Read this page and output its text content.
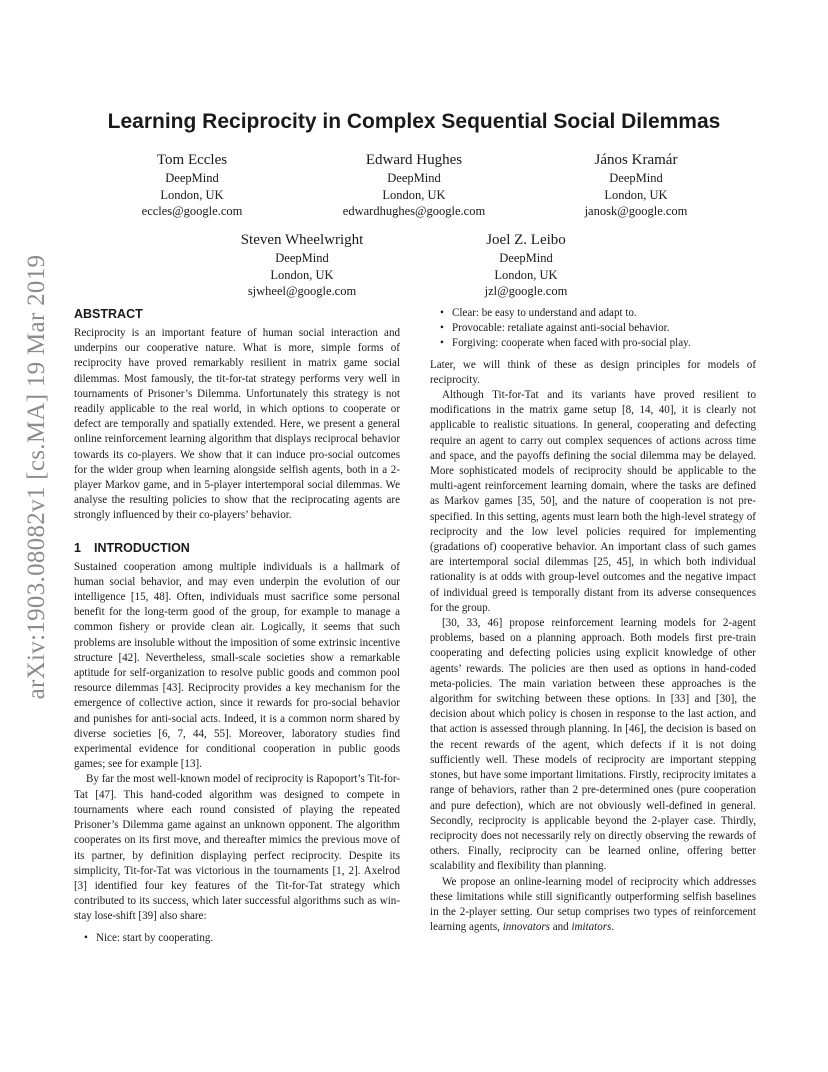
arXiv:1903.08082v1 [cs.MA] 19 Mar 2019
Learning Reciprocity in Complex Sequential Social Dilemmas
Tom Eccles
DeepMind
London, UK
eccles@google.com
Edward Hughes
DeepMind
London, UK
edwardhughes@google.com
János Kramár
DeepMind
London, UK
janosk@google.com
Steven Wheelwright
DeepMind
London, UK
sjwheel@google.com
Joel Z. Leibo
DeepMind
London, UK
jzl@google.com
ABSTRACT

Reciprocity is an important feature of human social interaction and underpins our cooperative nature. What is more, simple forms of reciprocity have proved remarkably resilient in matrix game social dilemmas. Most famously, the tit-for-tat strategy performs very well in tournaments of Prisoner’s Dilemma. Unfortunately this strategy is not readily applicable to the real world, in which options to cooperate or defect are temporally and spatially extended. Here, we present a general online reinforcement learning algorithm that displays reciprocal behavior towards its co-players. We show that it can induce pro-social outcomes for the wider group when learning alongside selfish agents, both in a 2-player Markov game, and in 5-player intertemporal social dilemmas. We analyse the resulting policies to show that the reciprocating agents are strongly influenced by their co-players’ behavior.

1 INTRODUCTION

Sustained cooperation among multiple individuals is a hallmark of human social behavior, and may even underpin the evolution of our intelligence [15, 48]. Often, individuals must sacrifice some personal benefit for the long-term good of the group, for example to manage a common fishery or provide clean air. Logically, it seems that such problems are insoluble without the imposition of some extrinsic incentive structure [42]. Nevertheless, small-scale societies show a remarkable aptitude for self-organization to resolve public goods and common pool resource dilemmas [43]. Reciprocity provides a key mechanism for the emergence of collective action, since it rewards for pro-social behavior and punishes for anti-social acts. Indeed, it is a common norm shared by diverse societies [6, 7, 44, 55]. Moreover, laboratory studies find experimental evidence for conditional cooperation in public goods games; see for example [13].

By far the most well-known model of reciprocity is Rapoport’s Tit-for-Tat [47]. This hand-coded algorithm was designed to compete in tournaments where each round consisted of playing the repeated Prisoner’s Dilemma game against an unknown opponent. The algorithm cooperates on its first move, and thereafter mimics the previous move of its partner, by definition displaying perfect reciprocity. Despite its simplicity, Tit-for-Tat was victorious in the tournaments [1, 2]. Axelrod [3] identified four key features of the Tit-for-Tat strategy which contributed to its success, which later successful algorithms such as win-stay lose-shift [39] also share:

• Nice: start by cooperating.
• Clear: be easy to understand and adapt to.
• Provocable: retaliate against anti-social behavior.
• Forgiving: cooperate when faced with pro-social play.

Later, we will think of these as design principles for models of reciprocity.

Although Tit-for-Tat and its variants have proved resilient to modifications in the matrix game setup [8, 14, 40], it is clearly not applicable to realistic situations. In general, cooperating and defecting require an agent to carry out complex sequences of actions across time and space, and the payoffs defining the social dilemma may be delayed. More sophisticated models of reciprocity should be applicable to the multi-agent reinforcement learning domain, where the tasks are defined as Markov games [35, 50], and the nature of cooperation is not pre-specified. In this setting, agents must learn both the high-level strategy of reciprocity and the low level policies required for implementing (gradations of) cooperative behavior. An important class of such games are intertemporal social dilemmas [25, 45], in which both individual rationality is at odds with group-level outcomes and the negative impact of individual greed is temporally distant from its adverse consequences for the group.

[30, 33, 46] propose reinforcement learning models for 2-agent problems, based on a planning approach. Both models first pre-train cooperating and defecting policies using explicit knowledge of other agents’ rewards. The policies are then used as options in hand-coded meta-policies. The main variation between these approaches is the algorithm for switching between these options. In [33] and [30], the decision about which policy is chosen in response to the last action, and that action is assessed through planning. In [46], the decision is based on the recent rewards of the agent, which defects if it is not doing sufficiently well. These models of reciprocity are important stepping stones, but have some important limitations. Firstly, reciprocity imitates a range of behaviors, rather than 2 pre-determined ones (pure cooperation and pure defection), which are not obviously well-defined in general. Secondly, reciprocity is applicable beyond the 2-player case. Thirdly, reciprocity does not necessarily rely on directly observing the rewards of others. Finally, reciprocity can be learned online, offering better scalability and flexibility than planning.

We propose an online-learning model of reciprocity which addresses these limitations while still significantly outperforming selfish baselines in the 2-player setting. Our setup comprises two types of reinforcement learning agents, innovators and imitators.
